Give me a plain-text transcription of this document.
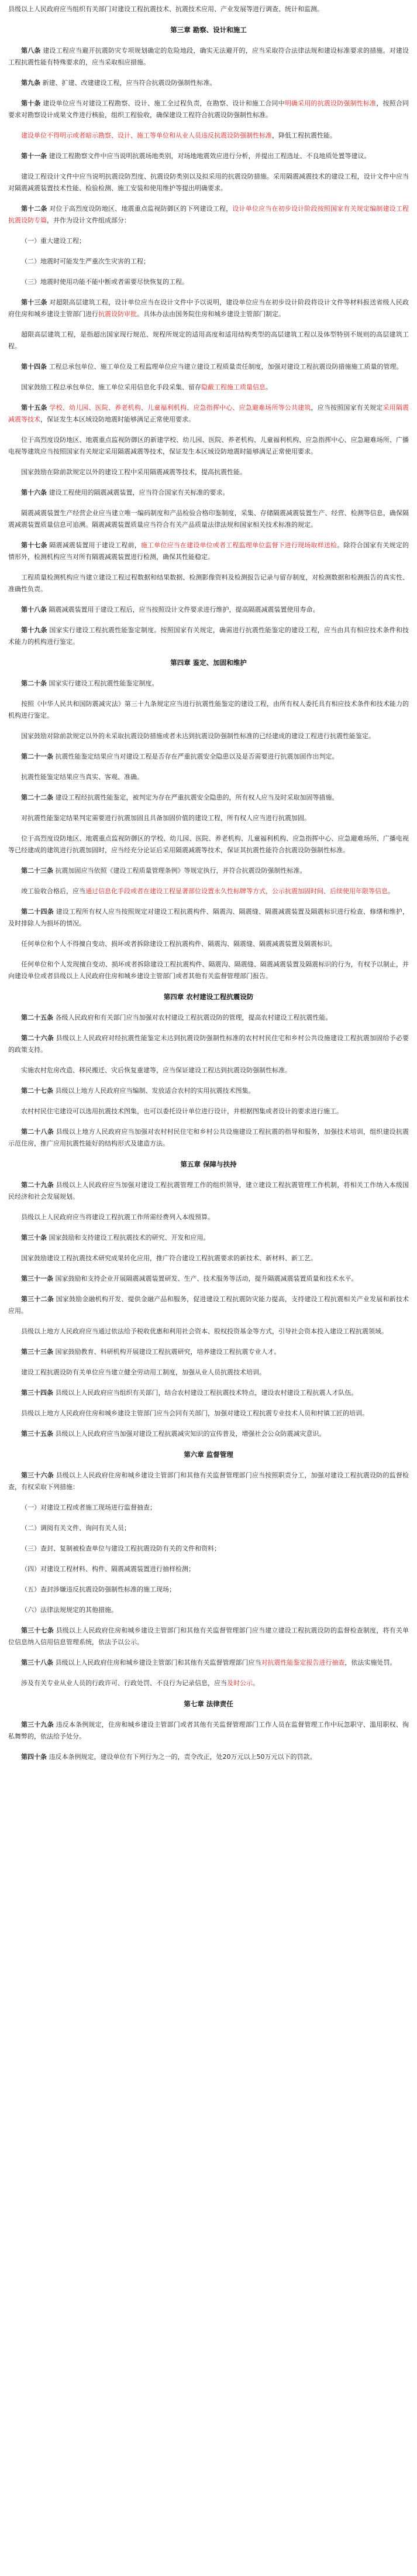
县级以上人民政府应当组织有关部门对建设工程抗震技术、抗震技术应用、产业发展等进行调查、统计和监测。

第三章 勘察、设计和施工

第八条 建设工程应当避开抗震防灾专项规划确定的危险地段，确实无法避开的，应当采取符合法律法规和建设标准要求的措施。对建设工程抗震性能有特殊要求的，应当采取相应措施。

第九条 新建、扩建、改建建设工程，应当符合抗震设防强制性标准。

第十条 建设单位应当对建设工程勘察、设计、施工全过程负责，在勘察、设计和施工合同中明确采用的抗震设防强制性标准，按照合同要求对勘察设计成果文件进行核验，组织工程验收，确保建设工程符合抗震设防强制性标准。

建设单位不得明示或者暗示勘察、设计、施工等单位和从业人员违反抗震设防强制性标准，降低工程抗震性能。

第十一条 建设工程勘察文件中应当说明抗震场地类别，对场地地震效应进行分析，并提出工程选址、不良地质处置等建议。

建设工程设计文件中应当说明抗震设防烈度、抗震设防类别以及拟采用的抗震设防措施。采用隔震减震技术的建设工程，设计文件中应当对隔震减震装置技术性能、检验检测、施工安装和使用维护等提出明确要求。

第十二条 对位于高烈度设防地区、地震重点监视防御区的下列建设工程，设计单位应当在初步设计阶段按照国家有关规定编制建设工程抗震设防专篇，并作为设计文件组成部分：

（一）重大建设工程；

（二）地震时可能发生严重次生灾害的工程；

（三）地震时使用功能不能中断或者需要尽快恢复的工程。

第十三条 对超限高层建筑工程，设计单位应当在设计文件中予以说明，建设单位应当在初步设计阶段将设计文件等材料报送省级人民政府住房和城乡建设主管部门进行抗震设防审批。具体办法由国务院住房和城乡建设主管部门制定。

超限高层建筑工程，是指超出国家现行规范、规程所规定的适用高度和适用结构类型的高层建筑工程以及体型特别不规则的高层建筑工程。

第十四条 工程总承包单位、施工单位及工程监理单位应当建立建设工程质量责任制度，加强对建设工程抗震设防措施施工质量的管理。

国家鼓励工程总承包单位、施工单位采用信息化手段采集、留存隐蔽工程施工质量信息。

第十五条 学校、幼儿园、医院、养老机构、儿童福利机构、应急指挥中心、应急避难场所等公共建筑，应当按照国家有关规定采用隔震减震等技术，保证发生本区域设防地震时能够满足正常使用要求。

位于高烈度设防地区、地震重点监视防御区的新建学校、幼儿园、医院、养老机构、儿童福利机构、应急指挥中心、应急避难场所、广播电视等建筑应当按照国家有关规定采用隔震减震等技术，保证发生本区域设防地震时能够满足正常使用要求。

国家鼓励在除前款规定以外的建设工程中采用隔震减震等技术，提高抗震性能。

第十六条 建设工程使用的隔震减震装置，应当符合国家有关标准的要求。

隔震减震装置生产经营企业应当建立唯一编码制度和产品检验合格印鉴制度，采集、存储隔震减震装置生产、经营、检测等信息，确保隔震减震装置质量信息可追溯。隔震减震装置质量应当符合有关产品质量法律法规和国家相关技术标准的规定。

第十七条 隔震减震装置用于建设工程前，施工单位应当在建设单位或者工程监理单位监督下进行现场取样送检。除符合国家有关规定的情形外，检测机构应当对所有隔震减震装置进行检测，确保其性能稳定。

工程质量检测机构应当建立建设工程过程数据和结果数据、检测影像资料及检测报告记录与留存制度，对检测数据和检测报告的真实性、准确性负责。

第十八条 隔震减震装置用于建设工程后，应当按照设计文件要求进行维护，提高隔震减震装置使用寿命。

第十九条 国家实行建设工程抗震性能鉴定制度。按照国家有关规定，确需进行抗震性能鉴定的建设工程，应当由具有相应技术条件和技术能力的机构进行鉴定。

第四章 鉴定、加固和维护

第二十条 国家实行建设工程抗震性能鉴定制度。

按照《中华人民共和国防震减灾法》第三十九条规定应当进行抗震性能鉴定的建设工程，由所有权人委托具有相应技术条件和技术能力的机构进行鉴定。

国家鼓励对除前款规定以外的未采取抗震设防措施或者未达到抗震设防强制性标准的已经建成的建设工程进行抗震性能鉴定。

第二十一条 抗震性能鉴定结果应当对建设工程是否存在严重抗震安全隐患以及是否需要进行抗震加固作出判定。

抗震性能鉴定结果应当真实、客观、准确。

第二十二条 建设工程经抗震性能鉴定，被判定为存在严重抗震安全隐患的，所有权人应当及时采取加固等措施。

对抗震性能鉴定结果判定需要进行抗震加固且具备加固价值的建设工程，所有权人应当进行抗震加固。

位于高烈度设防地区、地震重点监视防御区的学校、幼儿园、医院、养老机构、儿童福利机构、应急指挥中心、应急避难场所、广播电视等已经建成的建筑进行抗震加固时，应当经充分论证后采用隔震减震等技术，保证其抗震性能符合抗震设防强制性标准。

第二十三条 抗震加固应当依照《建设工程质量管理条例》等规定执行，并符合抗震设防强制性标准。

竣工验收合格后，应当通过信息化手段或者在建设工程显著部位设置永久性标牌等方式，公示抗震加固时间、后续使用年限等信息。

第二十四条 建设工程所有权人应当按照规定对建设工程抗震构件、隔震沟、隔震缝、隔震减震装置及隔震标识进行检查、修缮和维护，及时排除人为损坏的情况。

任何单位和个人不得擅自变动、损坏或者拆除建设工程抗震构件、隔震沟、隔震缝、隔震减震装置及隔震标识。

任何单位和个人发现擅自变动、损坏或者拆除建设工程抗震构件、隔震沟、隔震缝、隔震减震装置及隔震标识的行为，有权予以制止，并向建设单位或者县级以上人民政府住房和城乡建设主管部门或者其他有关监督管理部门报告。

第四章 农村建设工程抗震设防

第二十五条 各级人民政府和有关部门应当加强对农村建设工程抗震设防的管理，提高农村建设工程抗震性能。

第二十六条 县级以上人民政府对经抗震性能鉴定未达到抗震设防强制性标准的农村村民住宅和乡村公共设施建设工程抗震加固给予必要的政策支持。

实施农村危房改造、移民搬迁、灾后恢复重建等，应当保证建设工程达到抗震设防强制性标准。

第二十七条 县级以上地方人民政府应当编制、发放适合农村的实用抗震技术图集。

农村村民住宅建设可以选用抗震技术图集，也可以委托设计单位进行设计，并根据图集或者设计的要求进行施工。

第二十八条 县级以上地方人民政府应当加强对农村村民住宅和乡村公共设施建设工程抗震的指导和服务，加强技术培训，组织建设抗震示范住房，推广应用抗震性能好的结构形式及建造方法。

第五章 保障与扶持

第二十九条 县级以上人民政府应当加强对建设工程抗震管理工作的组织领导，建立建设工程抗震管理工作机制，将相关工作纳入本级国民经济和社会发展规划。

县级以上人民政府应当将建设工程抗震工作所需经费列入本级预算。

第三十条 国家鼓励和支持建设工程抗震技术的研究、开发和应用。

国家鼓励建设工程抗震技术研究成果转化应用，推广符合建设工程抗震要求的新技术、新材料、新工艺。

第三十一条 国家鼓励和支持企业开展隔震减震装置研发、生产、技术服务等活动，提升隔震减震装置质量和技术水平。

第三十二条 国家鼓励金融机构开发、提供金融产品和服务，促进建设工程抗震防灾能力提高，支持建设工程抗震相关产业发展和新技术应用。

县级以上地方人民政府应当通过依法给予税收优惠和利用社会资本、股权投资基金等方式，引导社会资本投入建设工程抗震领域。

第三十三条 国家鼓励教育、科研机构开展建设工程抗震研究，培养建设工程抗震专业人才。

建设工程抗震设防有关单位应当建立健全劳动用工制度，加强从业人员抗震技术培训。

第三十四条 县级以上人民政府应当组织有关部门，结合农村建设工程抗震技术特点，建设农村建设工程抗震人才队伍。

县级以上地方人民政府住房和城乡建设主管部门应当会同有关部门，加强对建设工程抗震专业技术人员和村镇工匠的培训。

第三十五条 县级以上人民政府应当加强对建设工程抗震减灾知识的宣传普及，增强社会公众防震减灾意识。

第六章 监督管理

第三十六条 县级以上人民政府住房和城乡建设主管部门和其他有关监督管理部门应当按照职责分工，加强对建设工程抗震设防的监督检查，有权采取下列措施：

（一）对建设工程或者施工现场进行监督抽查；

（二）调阅有关文件、询问有关人员；

（三）查封、复制被检查单位与建设工程抗震设防有关的文件和资料；

（四）对建设工程材料、构件、隔震减震装置进行抽样检测；

（五）查封涉嫌违反抗震设防强制性标准的施工现场；

（六）法律法规规定的其他措施。

第三十七条 县级以上人民政府住房和城乡建设主管部门和其他有关监督管理部门应当建立建设工程抗震设防的监督检查制度，将有关单位信息纳入信用信息管理系统，依法予以公示。

第三十八条 县级以上人民政府住房和城乡建设主管部门和其他有关监督管理部门应当对抗震性能鉴定报告进行抽查，依法实施处罚。

涉及有关专业从业人员的行政许可、行政处罚、不良行为记录信息，应当及时公示。

第七章 法律责任

第三十九条 违反本条例规定，住房和城乡建设主管部门或者其他有关监督管理部门工作人员在监督管理工作中玩忽职守、滥用职权、徇私舞弊的，依法给予处分。

第四十条 违反本条例规定，建设单位有下列行为之一的，责令改正，处20万元以上50万元以下的罚款。
